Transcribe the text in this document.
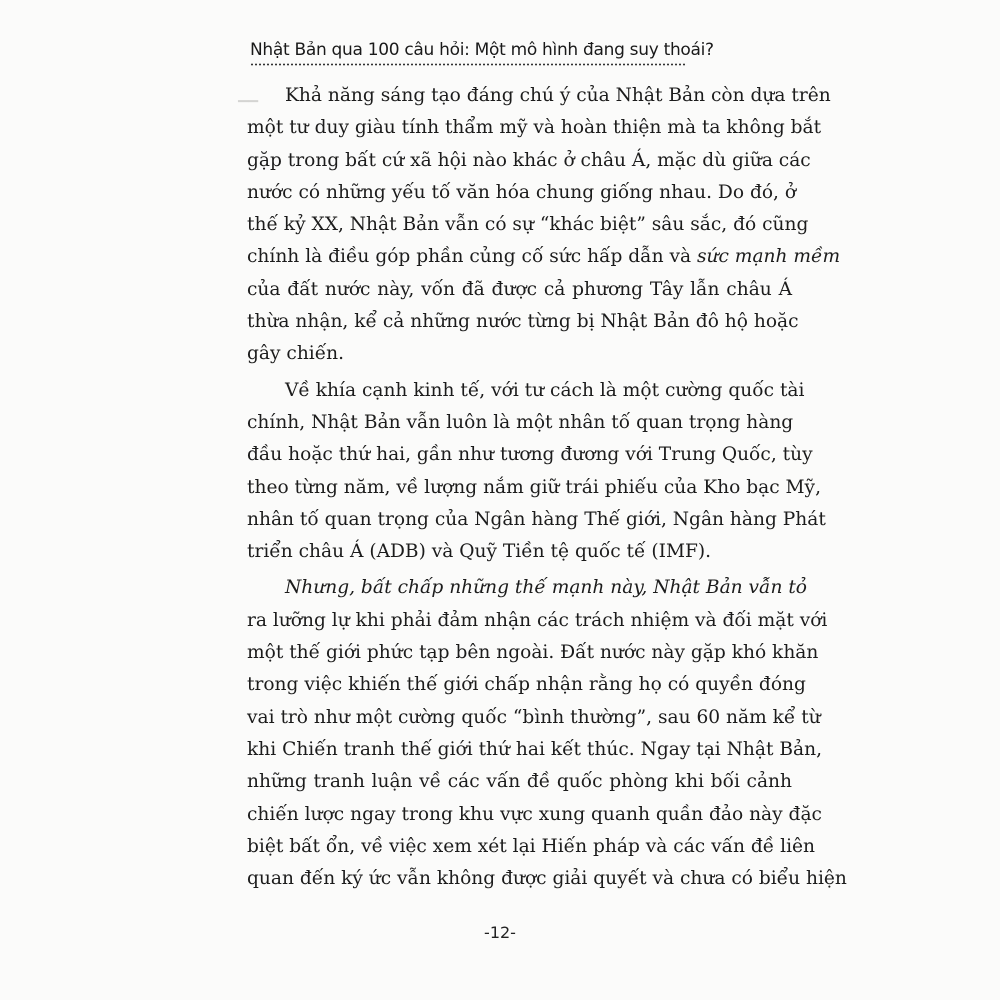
▁▁
Nhật Bản qua 100 câu hỏi: Một mô hình đang suy thoái?
Khả năng sáng tạo đáng chú ý của Nhật Bản còn dựa trên
một tư duy giàu tính thẩm mỹ và hoàn thiện mà ta không bắt
gặp trong bất cứ xã hội nào khác ở châu Á, mặc dù giữa các
nước có những yếu tố văn hóa chung giống nhau. Do đó, ở
thế kỷ XX, Nhật Bản vẫn có sự “khác biệt” sâu sắc, đó cũng
chính là điều góp phần củng cố sức hấp dẫn và sức mạnh mềm
của đất nước này, vốn đã được cả phương Tây lẫn châu Á
thừa nhận, kể cả những nước từng bị Nhật Bản đô hộ hoặc
gây chiến.
Về khía cạnh kinh tế, với tư cách là một cường quốc tài
chính, Nhật Bản vẫn luôn là một nhân tố quan trọng hàng
đầu hoặc thứ hai, gần như tương đương với Trung Quốc, tùy
theo từng năm, về lượng nắm giữ trái phiếu của Kho bạc Mỹ,
nhân tố quan trọng của Ngân hàng Thế giới, Ngân hàng Phát
triển châu Á (ADB) và Quỹ Tiền tệ quốc tế (IMF).
Nhưng, bất chấp những thế mạnh này, Nhật Bản vẫn tỏ
ra lưỡng lự khi phải đảm nhận các trách nhiệm và đối mặt với
một thế giới phức tạp bên ngoài. Đất nước này gặp khó khăn
trong việc khiến thế giới chấp nhận rằng họ có quyền đóng
vai trò như một cường quốc “bình thường”, sau 60 năm kể từ
khi Chiến tranh thế giới thứ hai kết thúc. Ngay tại Nhật Bản,
những tranh luận về các vấn đề quốc phòng khi bối cảnh
chiến lược ngay trong khu vực xung quanh quần đảo này đặc
biệt bất ổn, về việc xem xét lại Hiến pháp và các vấn đề liên
quan đến ký ức vẫn không được giải quyết và chưa có biểu hiện
-12-
